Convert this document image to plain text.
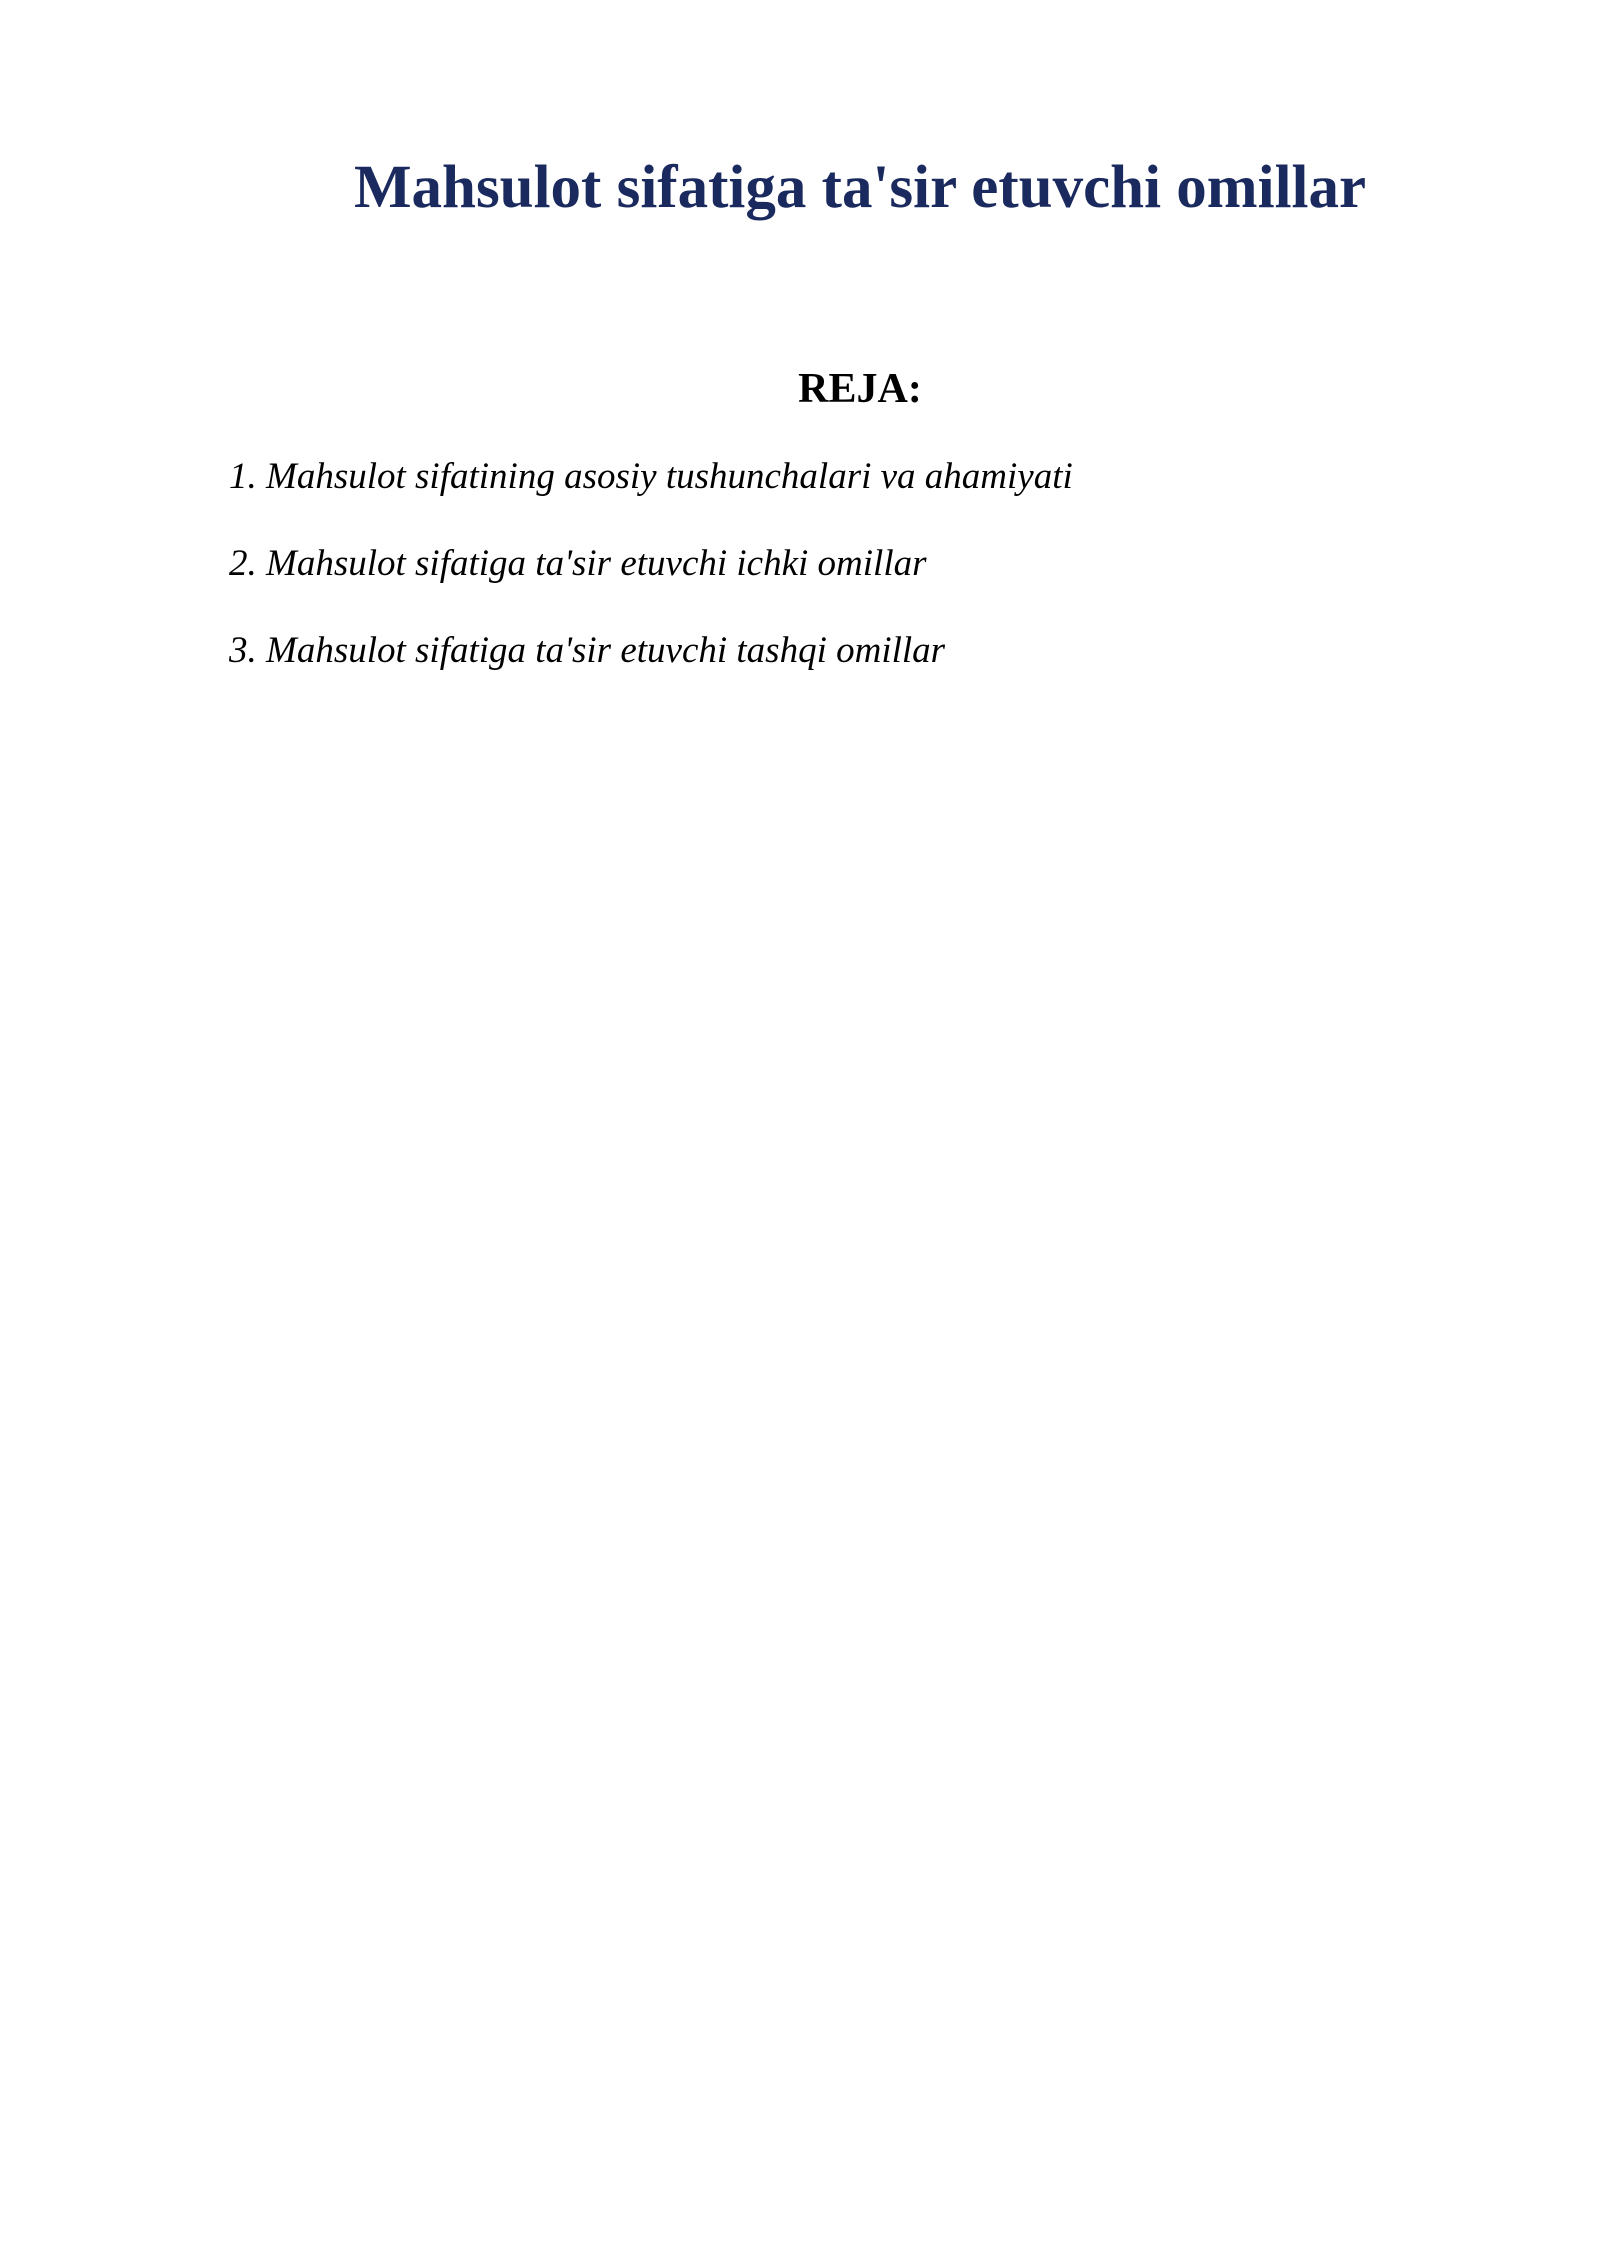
Mahsulot sifatiga ta'sir etuvchi omillar
REJA:
1. Mahsulot sifatining asosiy tushunchalari va ahamiyati
2. Mahsulot sifatiga ta'sir etuvchi ichki omillar
3. Mahsulot sifatiga ta'sir etuvchi tashqi omillar
